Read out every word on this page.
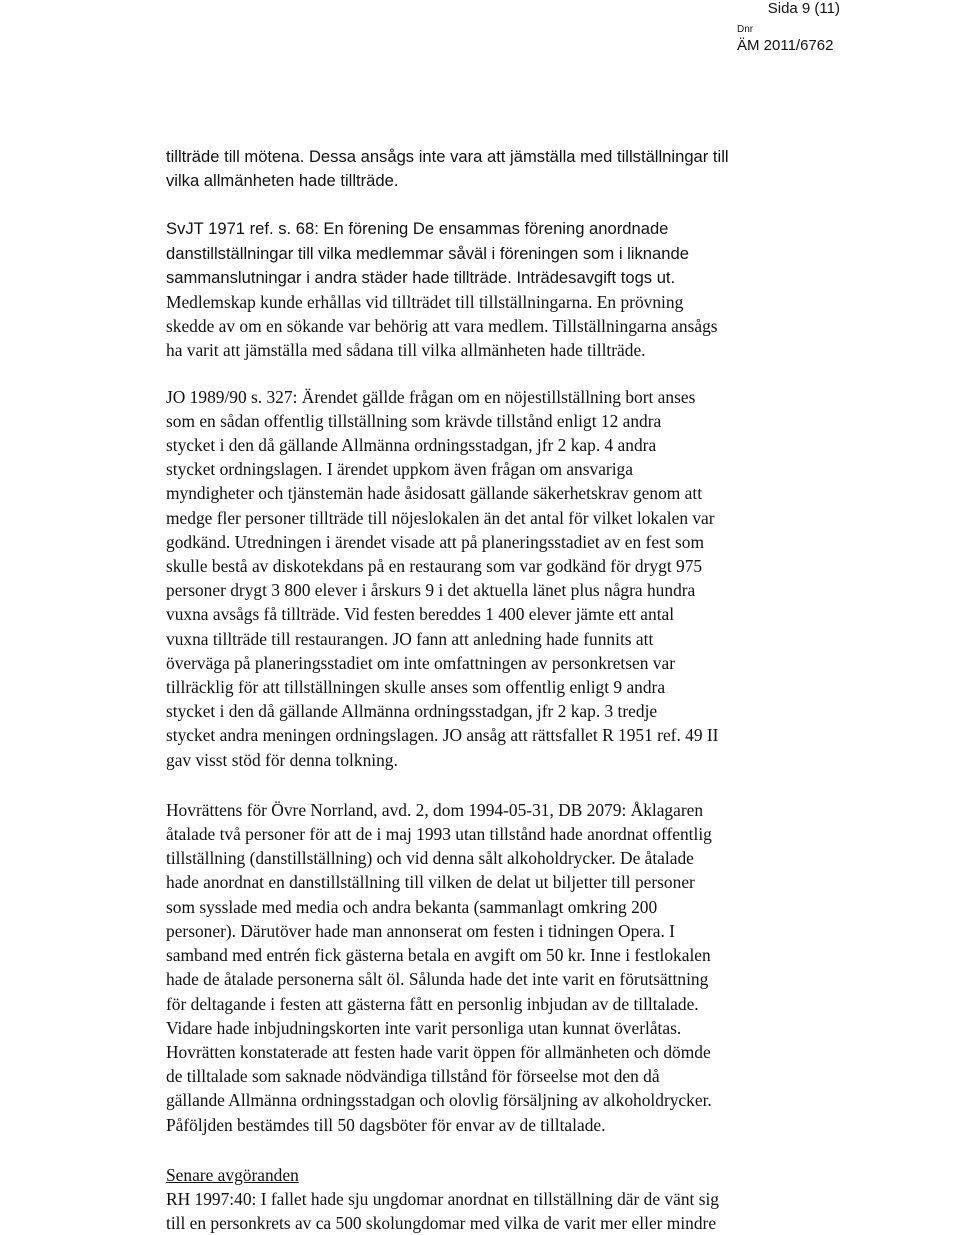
Sida 9 (11)
Dnr
ÄM 2011/6762

tillträde till mötena. Dessa ansågs inte vara att jämställa med tillställningar till
vilka allmänheten hade tillträde.

SvJT 1971 ref. s. 68: En förening De ensammas förening anordnade
danstillställningar till vilka medlemmar såväl i föreningen som i liknande
sammanslutningar i andra städer hade tillträde. Inträdesavgift togs ut.

Medlemskap kunde erhållas vid tillträdet till tillställningarna. En prövning
skedde av om en sökande var behörig att vara medlem. Tillställningarna ansågs
ha varit att jämställa med sådana till vilka allmänheten hade tillträde.

JO 1989/90 s. 327: Ärendet gällde frågan om en nöjestillställning bort anses
som en sådan offentlig tillställning som krävde tillstånd enligt 12 andra
stycket i den då gällande Allmänna ordningsstadgan, jfr 2 kap. 4 andra
stycket ordningslagen. I ärendet uppkom även frågan om ansvariga
myndigheter och tjänstemän hade åsidosatt gällande säkerhetskrav genom att
medge fler personer tillträde till nöjeslokalen än det antal för vilket lokalen var
godkänd. Utredningen i ärendet visade att på planeringsstadiet av en fest som
skulle bestå av diskotekdans på en restaurang som var godkänd för drygt 975
personer drygt 3 800 elever i årskurs 9 i det aktuella länet plus några hundra
vuxna avsågs få tillträde. Vid festen bereddes 1 400 elever jämte ett antal
vuxna tillträde till restaurangen. JO fann att anledning hade funnits att
överväga på planeringsstadiet om inte omfattningen av personkretsen var
tillräcklig för att tillställningen skulle anses som offentlig enligt 9 andra
stycket i den då gällande Allmänna ordningsstadgan, jfr 2 kap. 3 tredje
stycket andra meningen ordningslagen. JO ansåg att rättsfallet R 1951 ref. 49 II
gav visst stöd för denna tolkning.

Hovrättens för Övre Norrland, avd. 2, dom 1994-05-31, DB 2079: Åklagaren
åtalade två personer för att de i maj 1993 utan tillstånd hade anordnat offentlig
tillställning (danstillställning) och vid denna sålt alkoholdrycker. De åtalade
hade anordnat en danstillställning till vilken de delat ut biljetter till personer
som sysslade med media och andra bekanta (sammanlagt omkring 200
personer). Därutöver hade man annonserat om festen i tidningen Opera. I
samband med entrén fick gästerna betala en avgift om 50 kr. Inne i festlokalen
hade de åtalade personerna sålt öl. Sålunda hade det inte varit en förutsättning
för deltagande i festen att gästerna fått en personlig inbjudan av de tilltalade.
Vidare hade inbjudningskorten inte varit personliga utan kunnat överlåtas.
Hovrätten konstaterade att festen hade varit öppen för allmänheten och dömde
de tilltalade som saknade nödvändiga tillstånd för förseelse mot den då
gällande Allmänna ordningsstadgan och olovlig försäljning av alkoholdrycker.
Påföljden bestämdes till 50 dagsböter för envar av de tilltalade.

Senare avgöranden

RH 1997:40: I fallet hade sju ungdomar anordnat en tillställning där de vänt sig
till en personkrets av ca 500 skolungdomar med vilka de varit mer eller mindre
